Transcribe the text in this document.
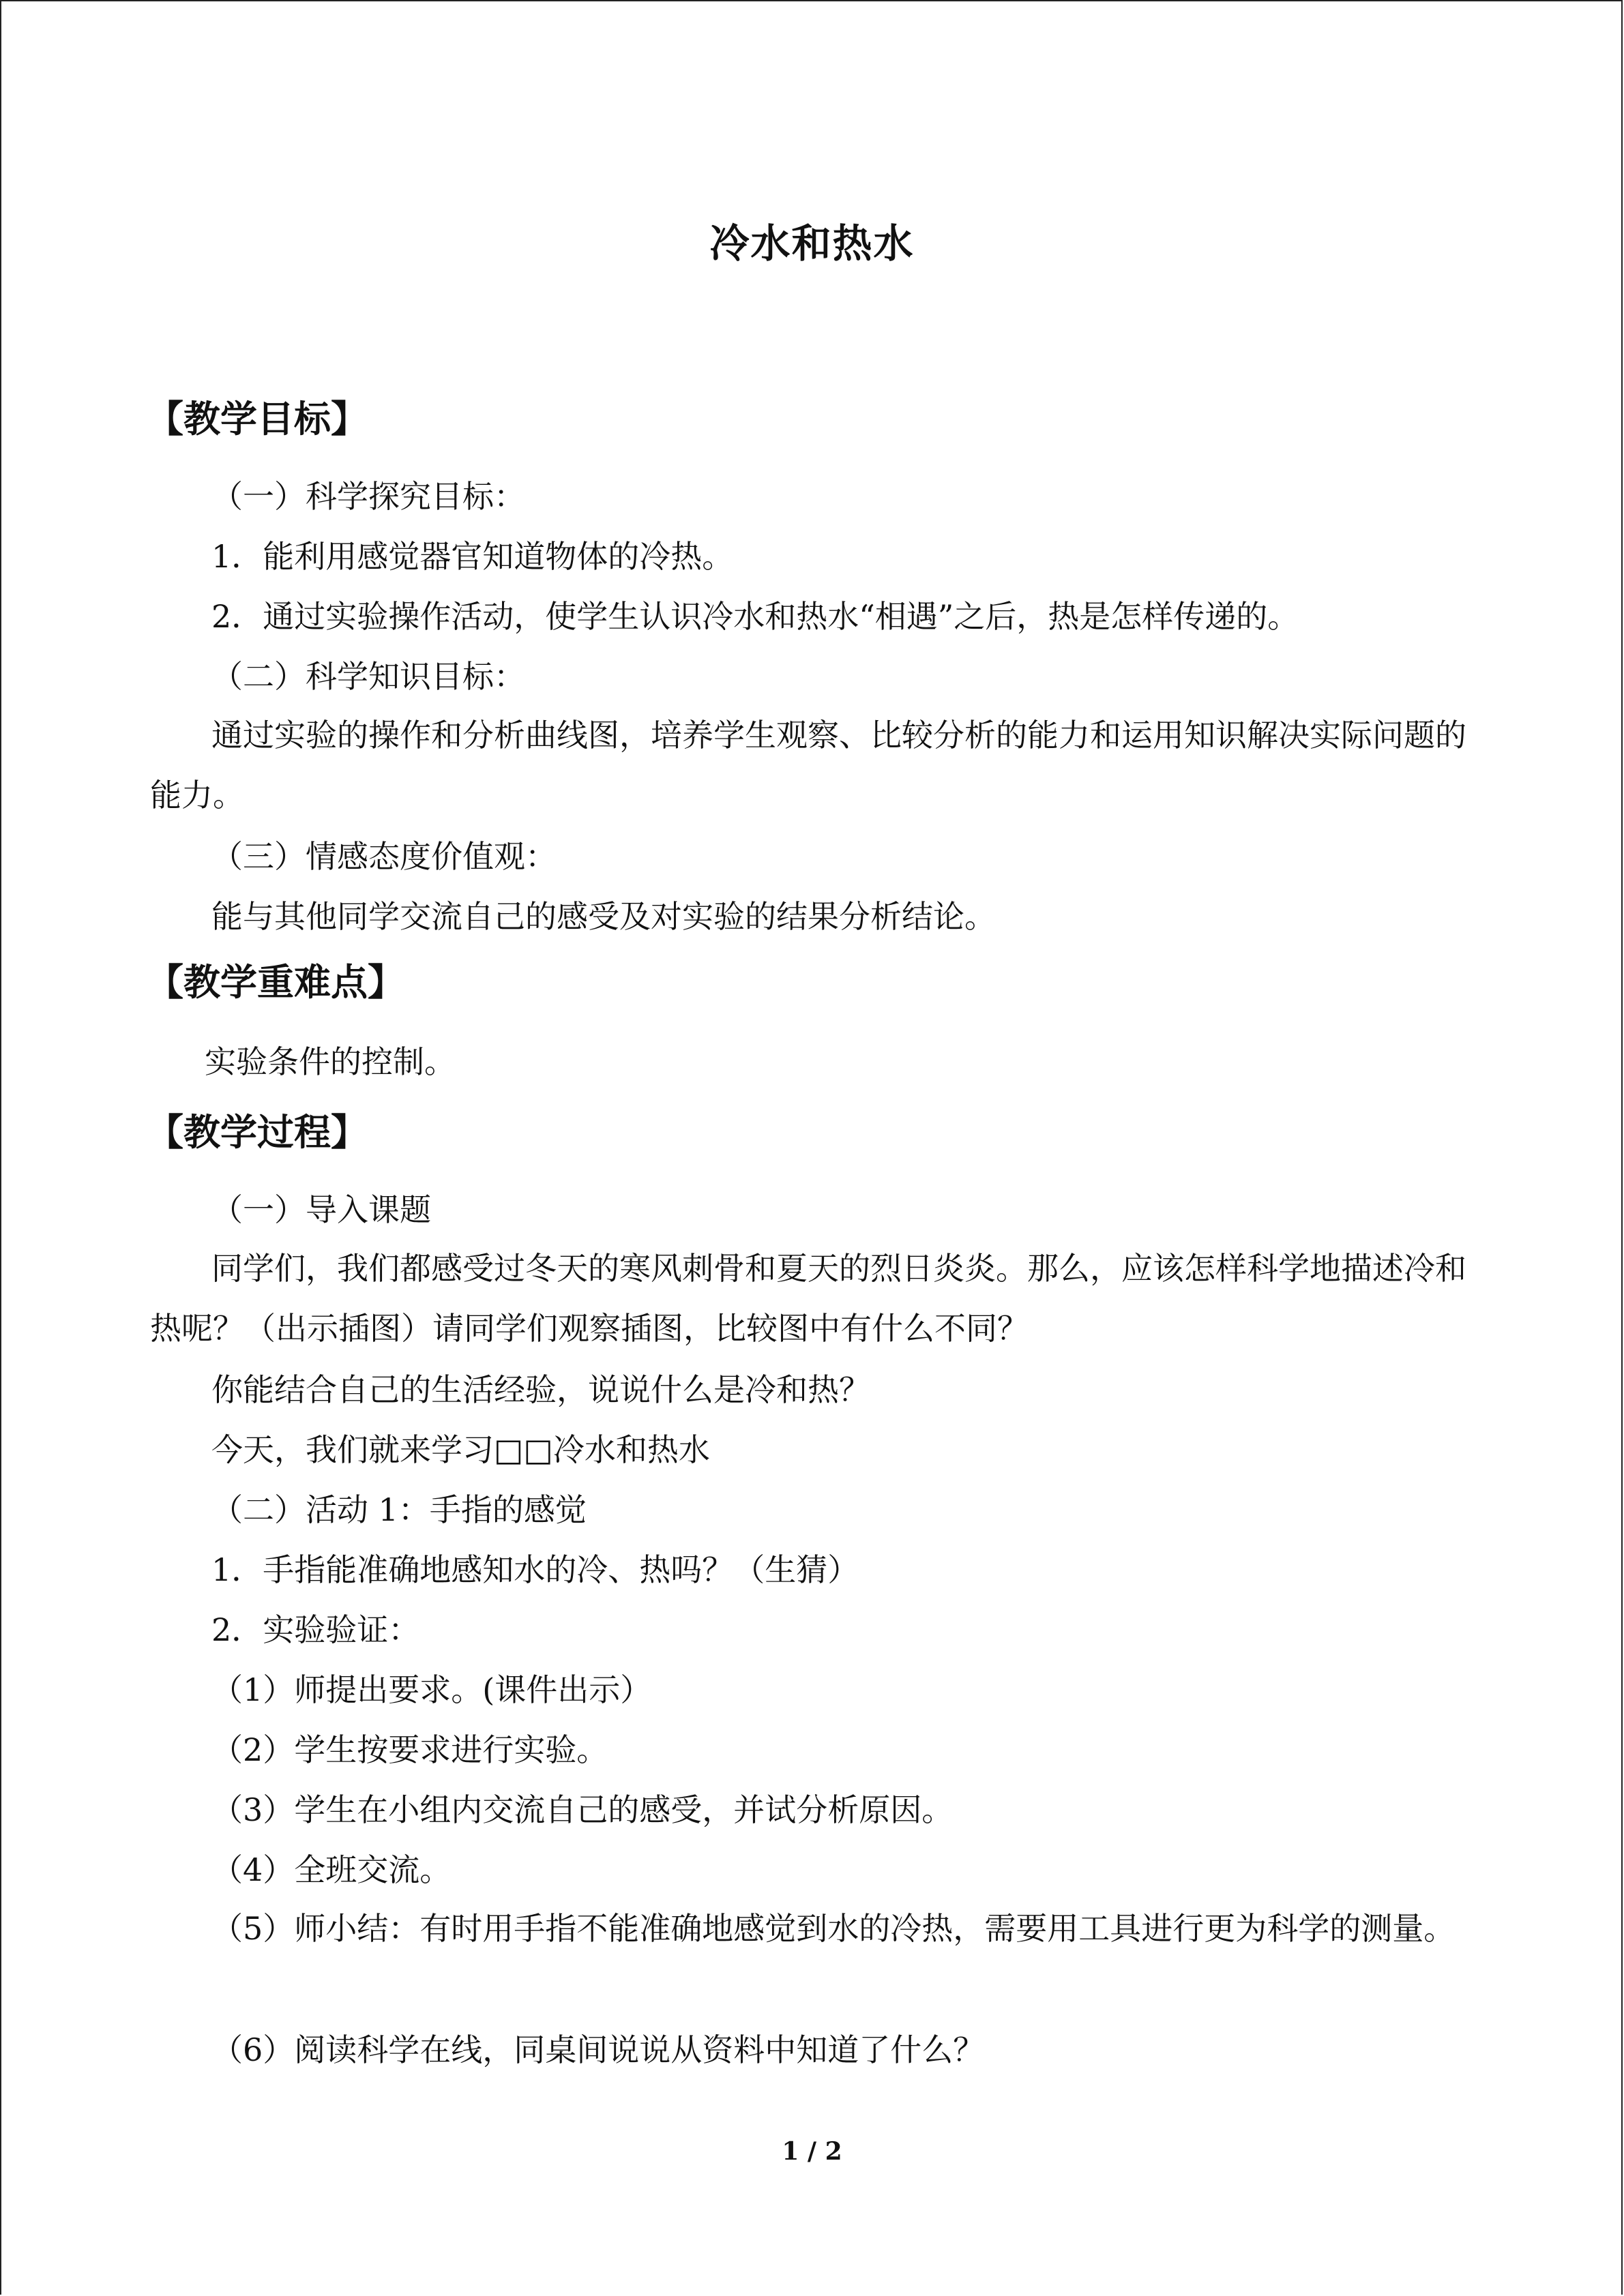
冷水和热水
【教学目标】
（一）科学探究目标：
1．能利用感觉器官知道物体的冷热。
2．通过实验操作活动，使学生认识冷水和热水“相遇”之后，热是怎样传递的。
（二）科学知识目标：
通过实验的操作和分析曲线图，培养学生观察、比较分析的能力和运用知识解决实际问题的能力。
（三）情感态度价值观：
能与其他同学交流自己的感受及对实验的结果分析结论。
【教学重难点】
实验条件的控制。
【教学过程】
（一）导入课题
同学们，我们都感受过冬天的寒风刺骨和夏天的烈日炎炎。那么，应该怎样科学地描述冷和热呢？（出示插图）请同学们观察插图，比较图中有什么不同？
你能结合自己的生活经验，说说什么是冷和热？
今天，我们就来学习□□冷水和热水
（二）活动 1：手指的感觉
1．手指能准确地感知水的冷、热吗？（生猜）
2．实验验证：
（1）师提出要求。(课件出示）
（2）学生按要求进行实验。
（3）学生在小组内交流自己的感受，并试分析原因。
（4）全班交流。
（5）师小结：有时用手指不能准确地感觉到水的冷热，需要用工具进行更为科学的测量。
（6）阅读科学在线，同桌间说说从资料中知道了什么？
1 / 2
